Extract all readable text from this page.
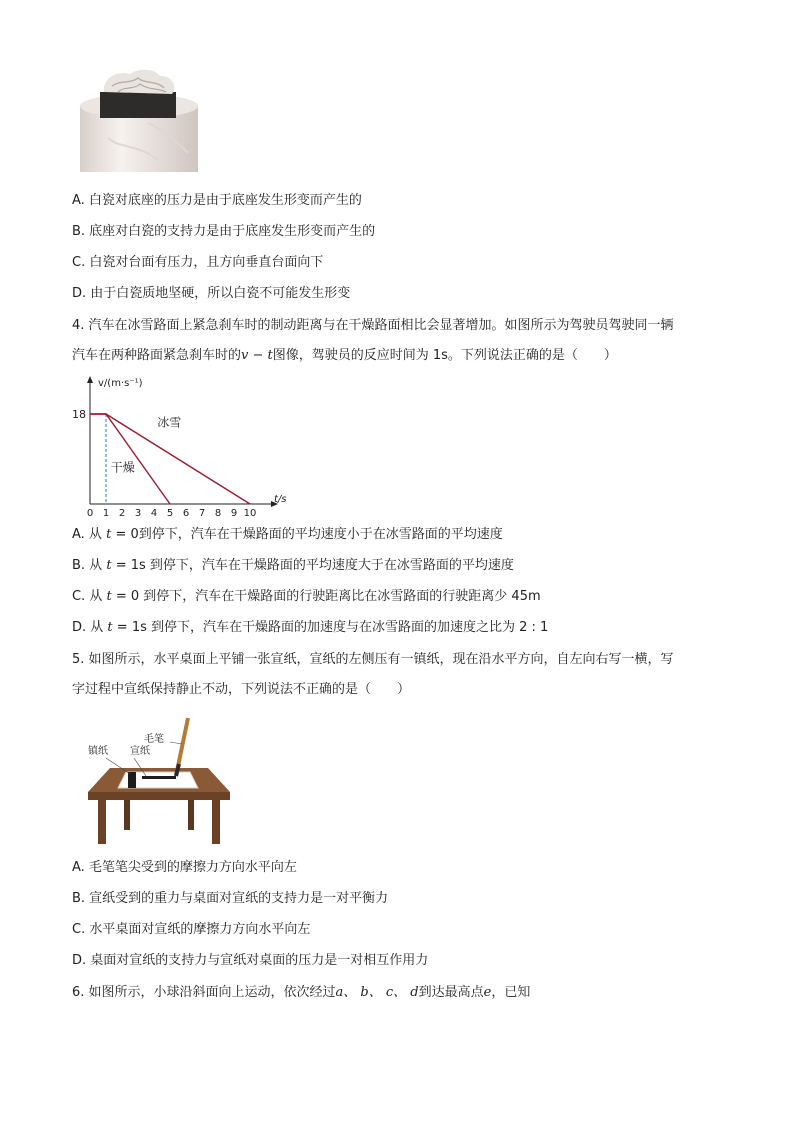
A. 白瓷对底座的压力是由于底座发生形变而产生的
B. 底座对白瓷的支持力是由于底座发生形变而产生的
C. 白瓷对台面有压力，且方向垂直台面向下
D. 由于白瓷质地坚硬，所以白瓷不可能发生形变
4. 汽车在冰雪路面上紧急刹车时的制动距离与在干燥路面相比会显著增加。如图所示为驾驶员驾驶同一辆
汽车在两种路面紧急刹车时的v − t图像，驾驶员的反应时间为 1s。下列说法正确的是（　　）
v/(m·s⁻¹)
t/s
0 1 2 3 4 5 6 7 8 9 10
18
干燥
冰雪
A. 从 t = 0到停下，汽车在干燥路面的平均速度小于在冰雪路面的平均速度
B. 从 t = 1s 到停下，汽车在干燥路面的平均速度大于在冰雪路面的平均速度
C. 从 t = 0 到停下，汽车在干燥路面的行驶距离比在冰雪路面的行驶距离少 45m
D. 从 t = 1s 到停下，汽车在干燥路面的加速度与在冰雪路面的加速度之比为 2 : 1
5. 如图所示，水平桌面上平铺一张宣纸，宣纸的左侧压有一镇纸，现在沿水平方向，自左向右写一横，写
字过程中宣纸保持静止不动，下列说法不正确的是（　　）
镇纸 宣纸
毛笔
A. 毛笔笔尖受到的摩擦力方向水平向左
B. 宣纸受到的重力与桌面对宣纸的支持力是一对平衡力
C. 水平桌面对宣纸的摩擦力方向水平向左
D. 桌面对宣纸的支持力与宣纸对桌面的压力是一对相互作用力
6. 如图所示，小球沿斜面向上运动，依次经过a、 b、 c、 d到达最高点e，已知
